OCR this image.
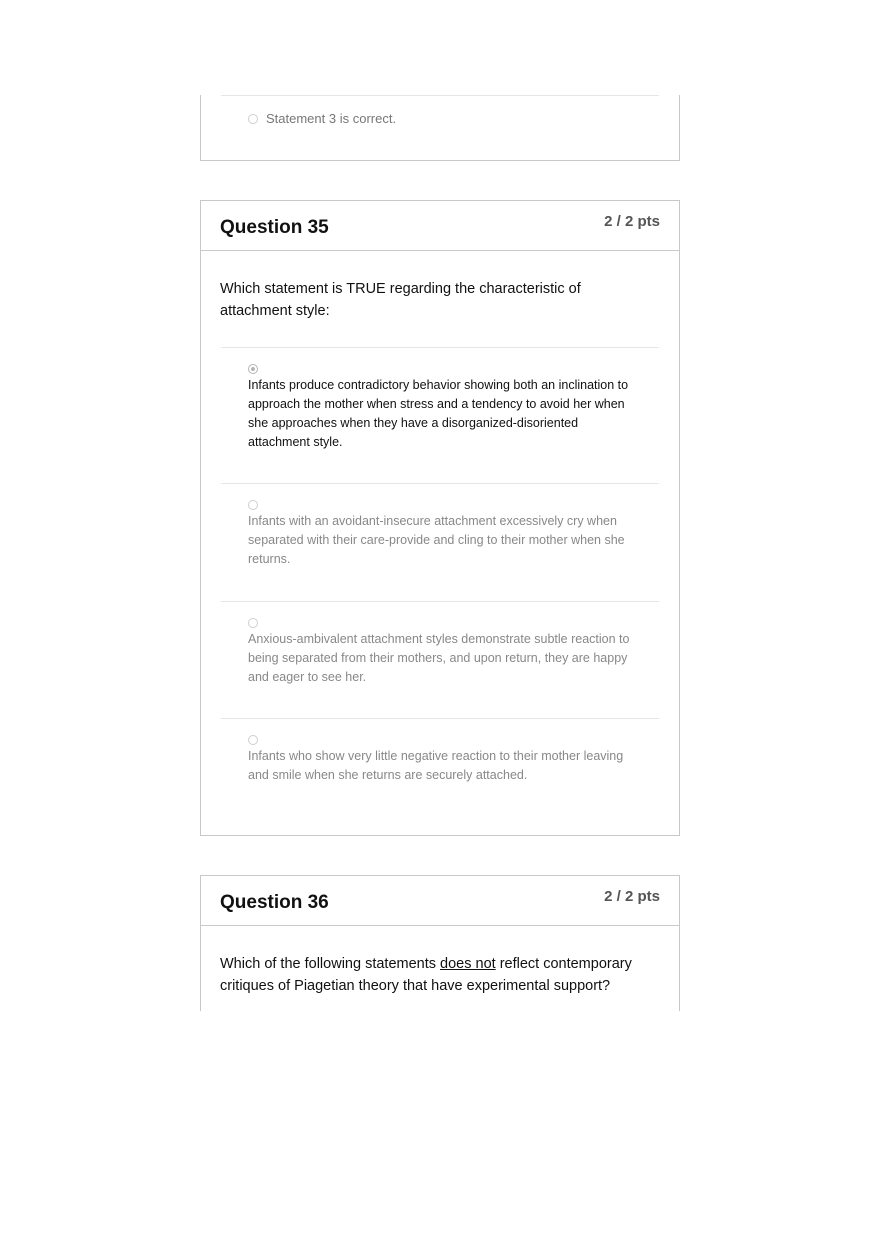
Statement 3 is correct.
Question 35	2 / 2 pts
Which statement is TRUE regarding the characteristic of attachment style:
Infants produce contradictory behavior showing both an inclination to approach the mother when stress and a tendency to avoid her when she approaches when they have a disorganized-disoriented attachment style.
Infants with an avoidant-insecure attachment excessively cry when separated with their care-provide and cling to their mother when she returns.
Anxious-ambivalent attachment styles demonstrate subtle reaction to being separated from their mothers, and upon return, they are happy and eager to see her.
Infants who show very little negative reaction to their mother leaving and smile when she returns are securely attached.
Question 36	2 / 2 pts
Which of the following statements does not reflect contemporary critiques of Piagetian theory that have experimental support?
